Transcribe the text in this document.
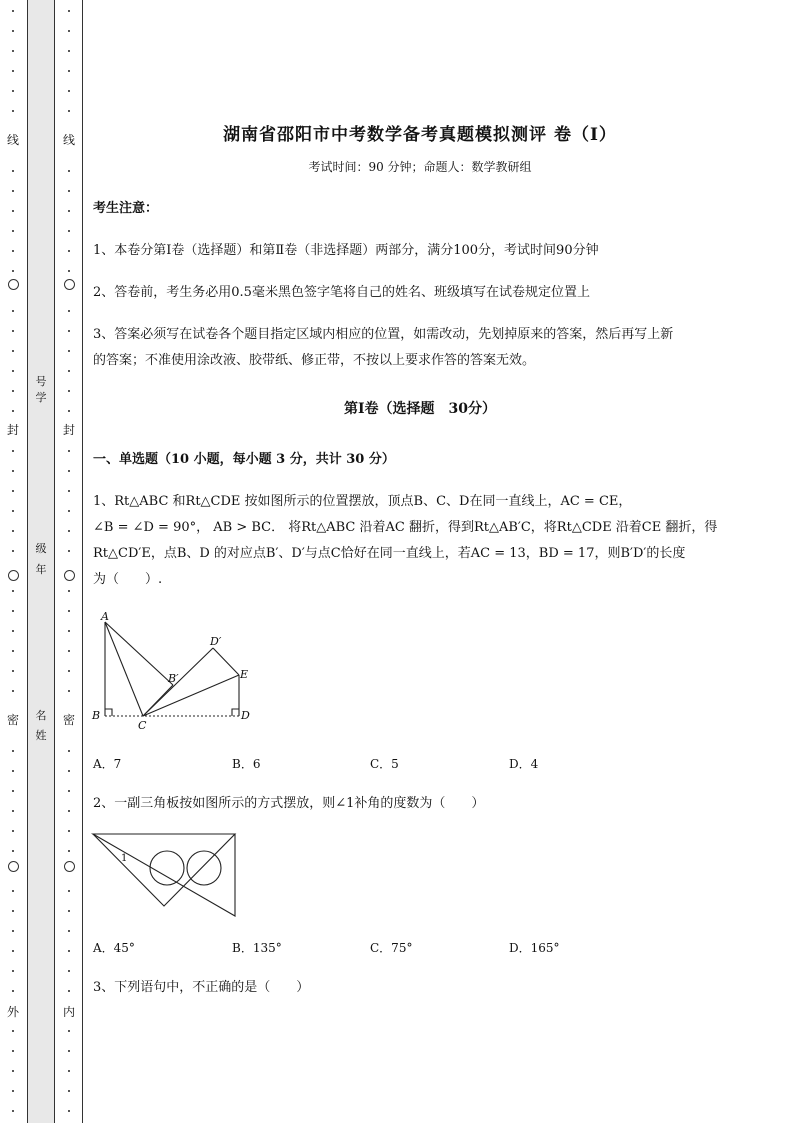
线
封
密
外
号
学
级
年
名
姓
线
封
密
内
湖南省邵阳市中考数学备考真题模拟测评 卷（Ⅰ）
考试时间：90 分钟；命题人：数学教研组
考生注意：
1、本卷分第Ⅰ卷（选择题）和第Ⅱ卷（非选择题）两部分，满分100分，考试时间90分钟
2、答卷前，考生务必用0.5毫米黑色签字笔将自己的姓名、班级填写在试卷规定位置上
3、答案必须写在试卷各个题目指定区域内相应的位置，如需改动，先划掉原来的答案，然后再写上新
的答案；不准使用涂改液、胶带纸、修正带，不按以上要求作答的答案无效。
第Ⅰ卷（选择题　30分）
一、单选题（10 小题，每小题 3 分，共计 30 分）
1、Rt△ABC 和Rt△CDE 按如图所示的位置摆放，顶点B、C、D在同一直线上，AC = CE，
∠B = ∠D = 90°， AB > BC． 将Rt△ABC 沿着AC 翻折，得到Rt△AB′C，将Rt△CDE 沿着CE 翻折，得
Rt△CD′E，点B、D 的对应点B′、D′与点C恰好在同一直线上，若AC = 13，BD = 17，则B′D′的长度
为（　　）.
A
D′
B′	E
B
C
D
A．7	B．6	C．5	D．4
2、一副三角板按如图所示的方式摆放，则∠1补角的度数为（　　）
1
A．45°	B．135°	C．75°	D．165°
3、下列语句中，不正确的是（　　）
